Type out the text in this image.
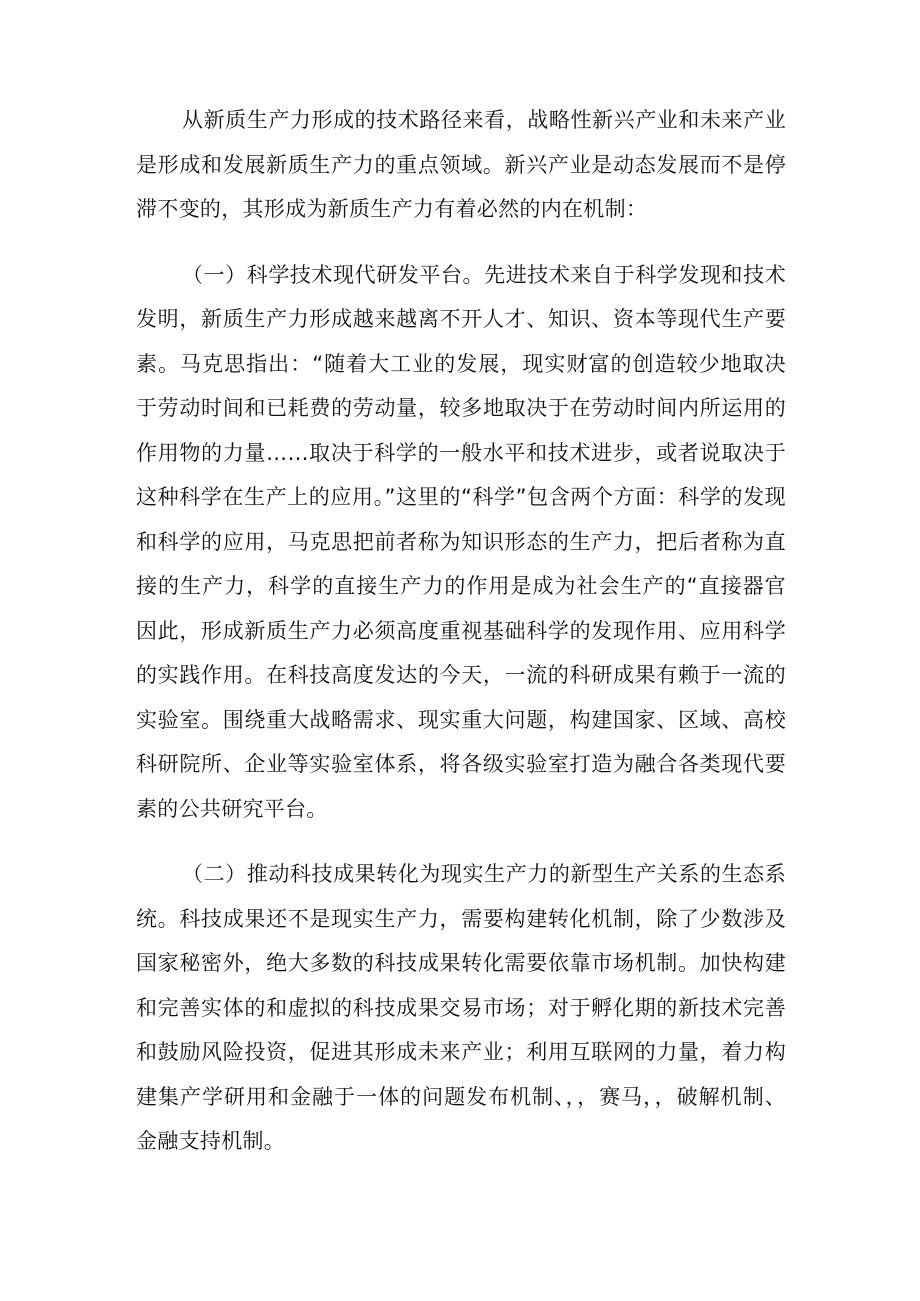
从新质生产力形成的技术路径来看，战略性新兴产业和未来产业是形成和发展新质生产力的重点领域。新兴产业是动态发展而不是停滞不变的，其形成为新质生产力有着必然的内在机制：

（一）科学技术现代研发平台。先进技术来自于科学发现和技术发明，新质生产力形成越来越离不开人才、知识、资本等现代生产要素。马克思指出：“随着大工业的发展，现实财富的创造较少地取决于劳动时间和已耗费的劳动量，较多地取决于在劳动时间内所运用的作用物的力量……取决于科学的一般水平和技术进步，或者说取决于这种科学在生产上的应用。”这里的“科学”包含两个方面：科学的发现和科学的应用，马克思把前者称为知识形态的生产力，把后者称为直接的生产力，科学的直接生产力的作用是成为社会生产的“直接器官因此，形成新质生产力必须高度重视基础科学的发现作用、应用科学的实践作用。在科技高度发达的今天，一流的科研成果有赖于一流的实验室。围绕重大战略需求、现实重大问题，构建国家、区域、高校科研院所、企业等实验室体系，将各级实验室打造为融合各类现代要素的公共研究平台。

（二）推动科技成果转化为现实生产力的新型生产关系的生态系统。科技成果还不是现实生产力，需要构建转化机制，除了少数涉及国家秘密外，绝大多数的科技成果转化需要依靠市场机制。加快构建和完善实体的和虚拟的科技成果交易市场；对于孵化期的新技术完善和鼓励风险投资，促进其形成未来产业；利用互联网的力量，着力构建集产学研用和金融于一体的问题发布机制、，，赛马，，破解机制、金融支持机制。
